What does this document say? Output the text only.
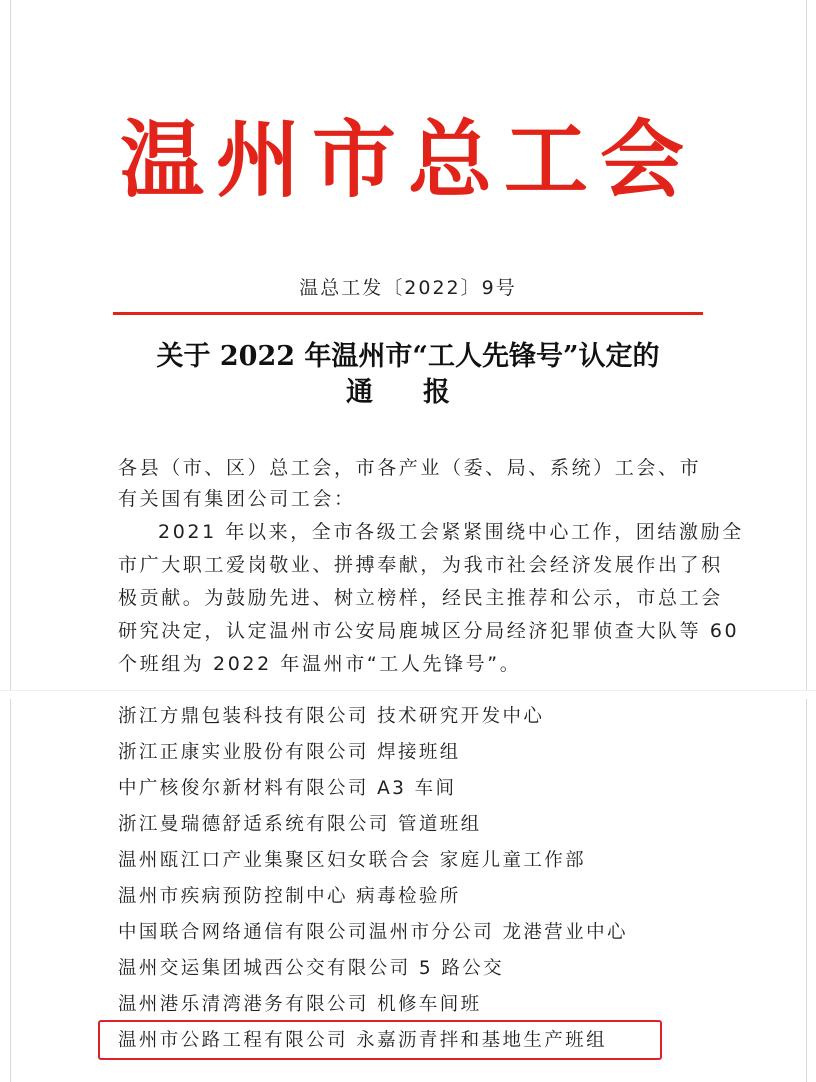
温州市总工会
温总工发〔2022〕9号
关于 2022 年温州市“工人先锋号”认定的
通报
各县（市、区）总工会，市各产业（委、局、系统）工会、市
有关国有集团公司工会：
2021 年以来，全市各级工会紧紧围绕中心工作，团结激励全
市广大职工爱岗敬业、拼搏奉献，为我市社会经济发展作出了积
极贡献。为鼓励先进、树立榜样，经民主推荐和公示，市总工会
研究决定，认定温州市公安局鹿城区分局经济犯罪侦查大队等 60
个班组为 2022 年温州市“工人先锋号”。
浙江方鼎包装科技有限公司 技术研究开发中心
浙江正康实业股份有限公司 焊接班组
中广核俊尔新材料有限公司 A3 车间
浙江曼瑞德舒适系统有限公司 管道班组
温州瓯江口产业集聚区妇女联合会 家庭儿童工作部
温州市疾病预防控制中心 病毒检验所
中国联合网络通信有限公司温州市分公司 龙港营业中心
温州交运集团城西公交有限公司 5 路公交
温州港乐清湾港务有限公司 机修车间班
温州市公路工程有限公司 永嘉沥青拌和基地生产班组
